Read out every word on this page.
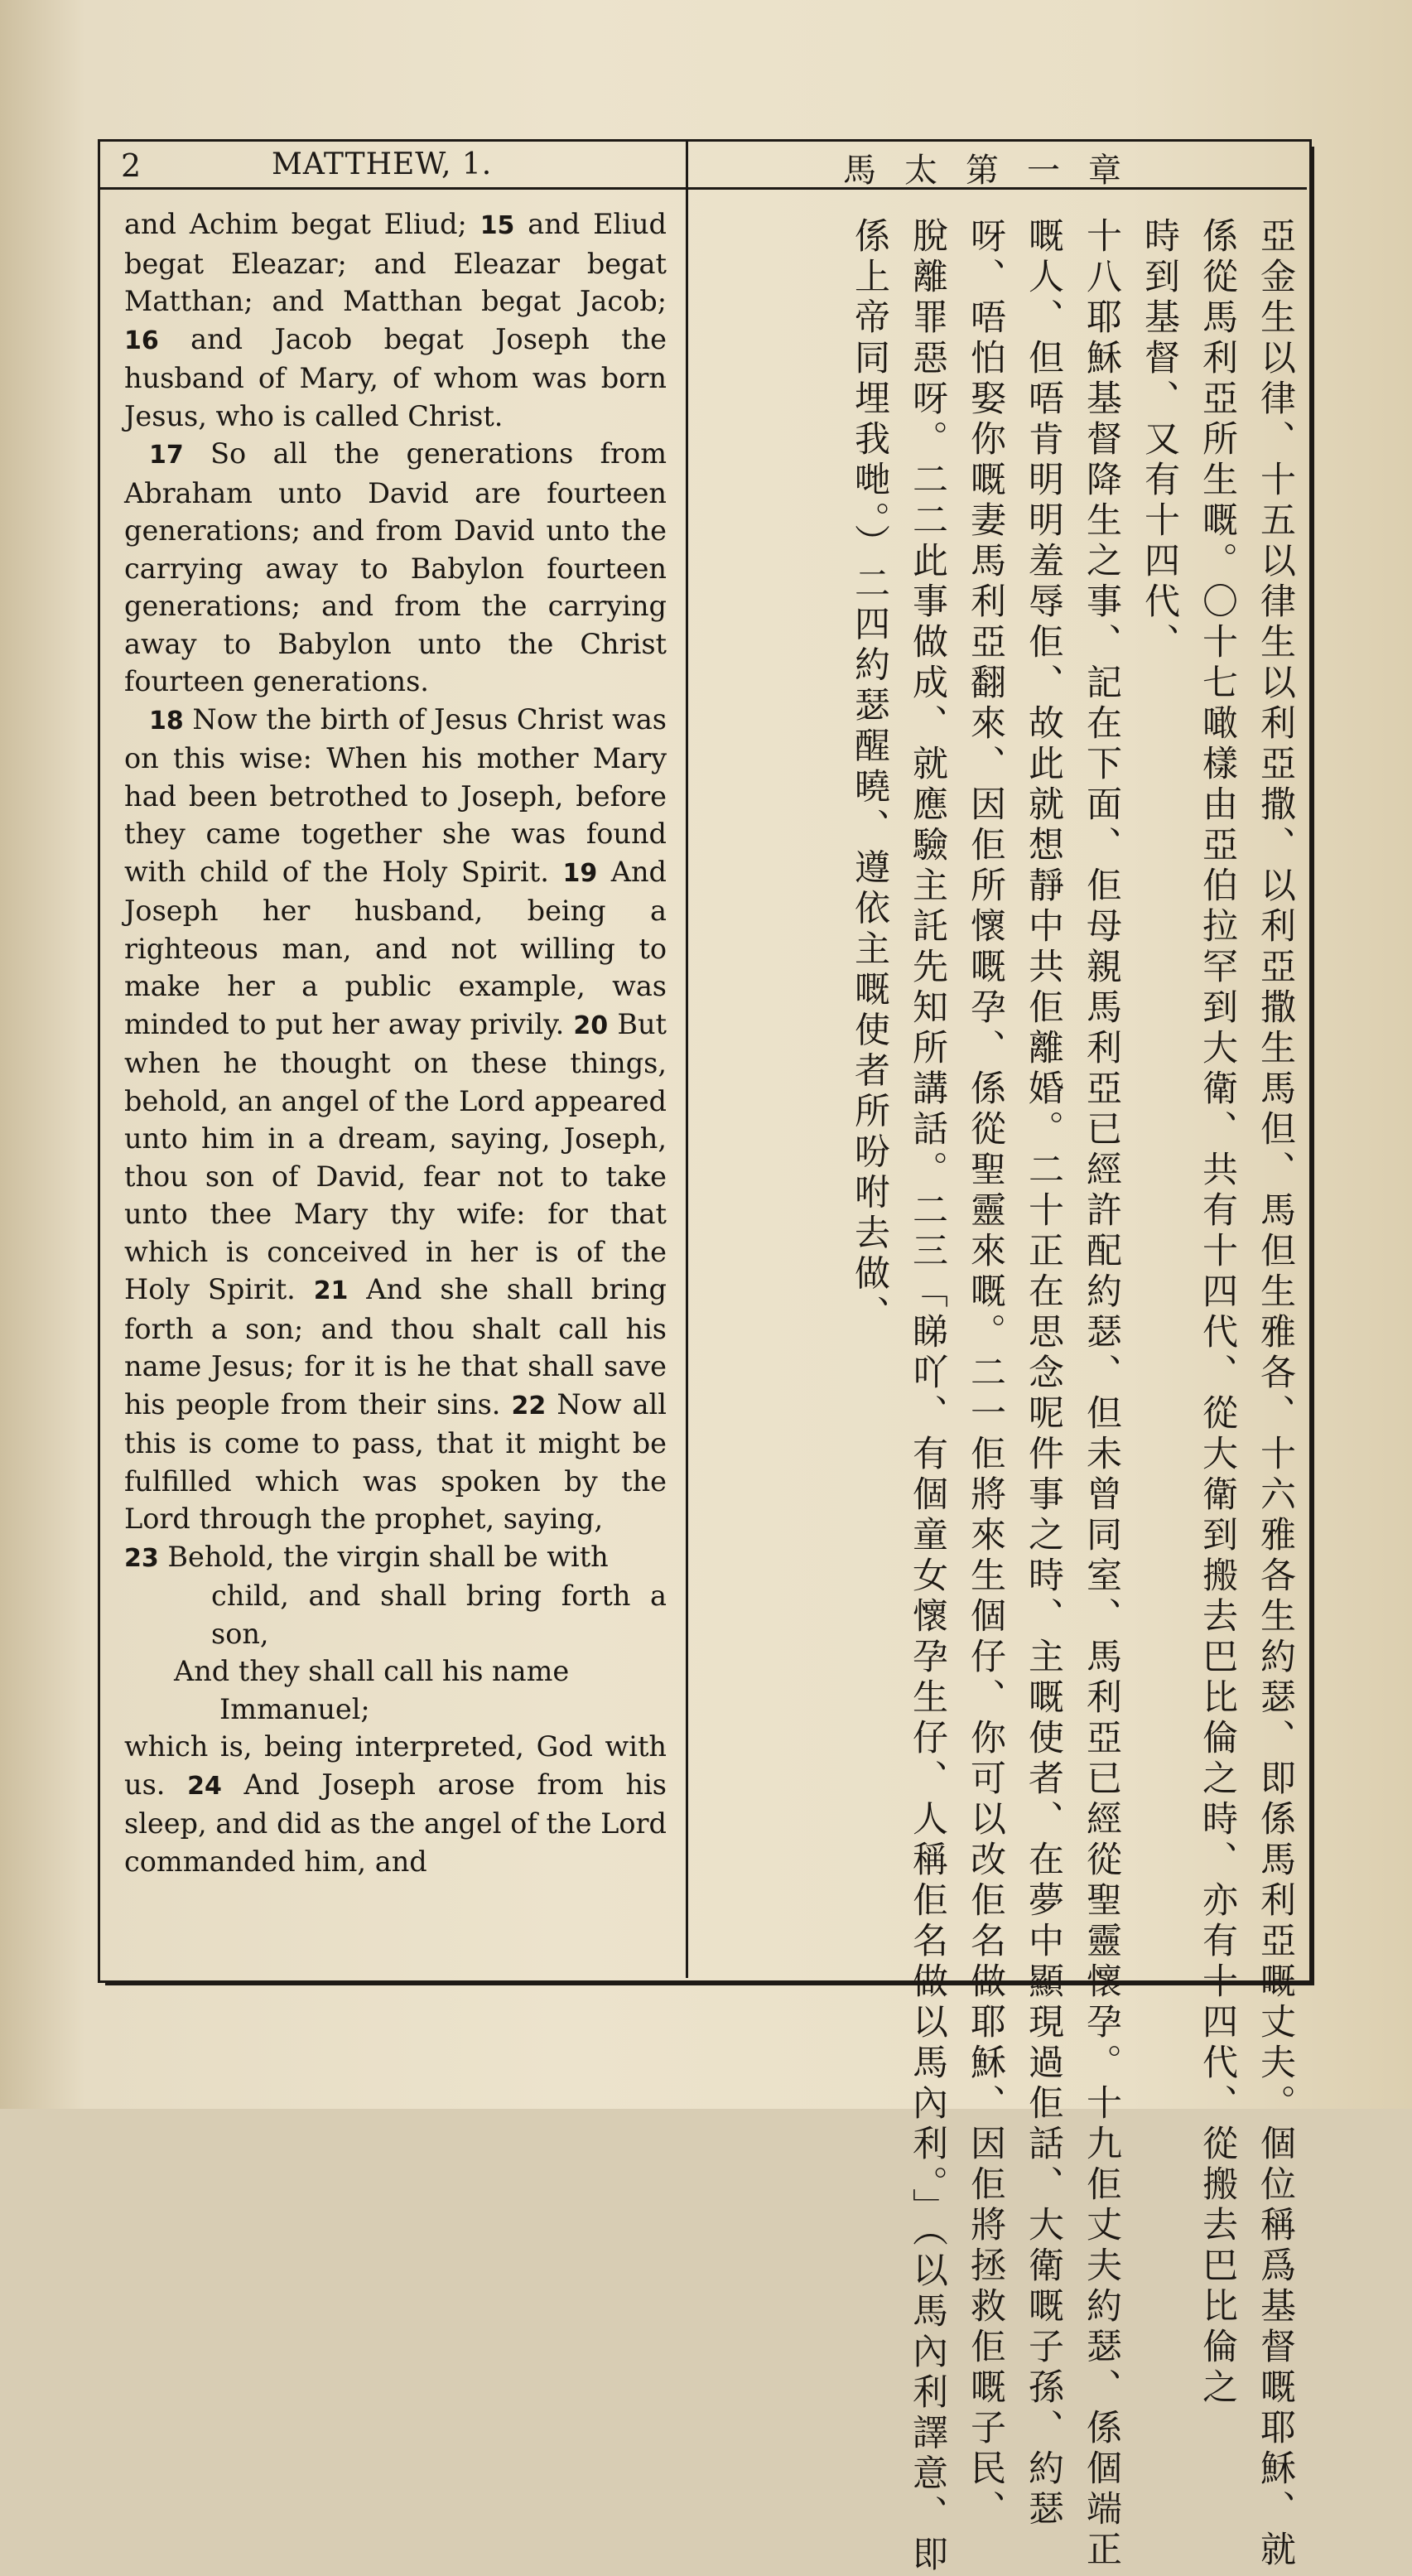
2	MATTHEW, 1.	馬太第一章

and Achim begat Eliud; 15 and Eliud begat Eleazar; and Eleazar begat Matthan; and Matthan begat Jacob; 16 and Jacob begat Joseph the husband of Mary, of whom was born Jesus, who is called Christ.

17 So all the generations from Abraham unto David are fourteen generations; and from David unto the carrying away to Babylon fourteen generations; and from the carrying away to Babylon unto the Christ fourteen generations.

18 Now the birth of Jesus Christ was on this wise: When his mother Mary had been betrothed to Joseph, before they came together she was found with child of the Holy Spirit. 19 And Joseph her husband, being a righteous man, and not willing to make her a public example, was minded to put her away privily. 20 But when he thought on these things, behold, an angel of the Lord appeared unto him in a dream, saying, Joseph, thou son of David, fear not to take unto thee Mary thy wife: for that which is conceived in her is of the Holy Spirit. 21 And she shall bring forth a son; and thou shalt call his name Jesus; for it is he that shall save his people from their sins. 22 Now all this is come to pass, that it might be fulfilled which was spoken by the Lord through the prophet, saying,

23 Behold, the virgin shall be with

child, and shall bring forth a son,

And they shall call his name

Immanuel;

which is, being interpreted, God with us. 24 And Joseph arose from his sleep, and did as the angel of the Lord commanded him, and

亞金生以律、十五以律生以利亞撒、以利亞撒生馬但、馬但生雅各、十六雅各生約瑟、即係馬利亞嘅丈夫。個位稱爲基督嘅耶穌、就
係從馬利亞所生嘅。〇十七噉樣由亞伯拉罕到大衛、共有十四代、從大衛到搬去巴比倫之時、亦有十四代、從搬去巴比倫之
時到基督、又有十四代、
十八耶穌基督降生之事、記在下面、佢母親馬利亞已經許配約瑟、但未曾同室、馬利亞已經從聖靈懷孕。十九佢丈夫約瑟、係個端正
嘅人、但唔肯明明羞辱佢、故此就想靜中共佢離婚。二十正在思念呢件事之時、主嘅使者、在夢中顯現過佢話、大衛嘅子孫、約瑟
呀、唔怕娶你嘅妻馬利亞翻來、因佢所懷嘅孕、係從聖靈來嘅。二一佢將來生個仔、你可以改佢名做耶穌、因佢將拯救佢嘅子民、
脫離罪惡呀。二二此事做成、就應驗主託先知所講話。二三「睇吖、有個童女懷孕生仔、人稱佢名做以馬內利。」（以馬內利譯意、即
係上帝同埋我哋。）二四約瑟醒曉、遵依主嘅使者所吩咐去做、
